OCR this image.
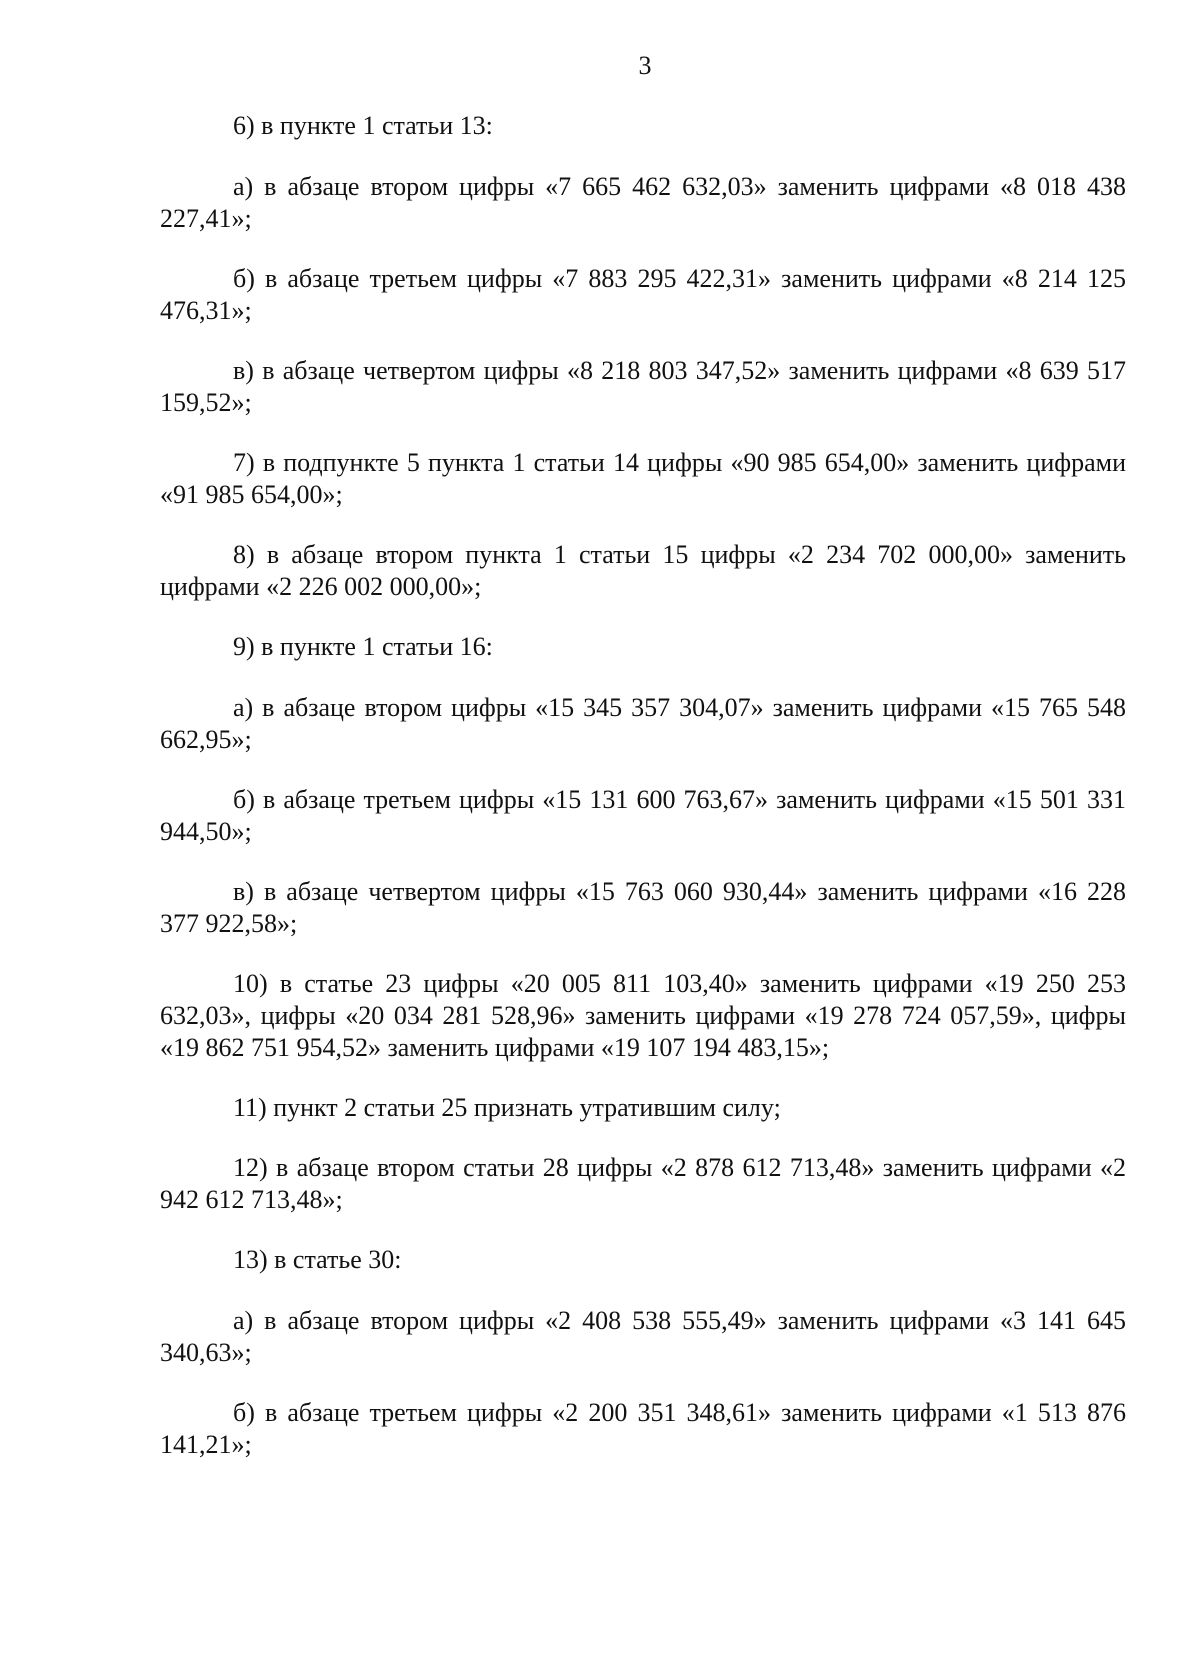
3

6) в пункте 1 статьи 13:

а) в абзаце втором цифры «7 665 462 632,03» заменить цифрами «8 018 438 227,41»;

б) в абзаце третьем цифры «7 883 295 422,31» заменить цифрами «8 214 125 476,31»;

в) в абзаце четвертом цифры «8 218 803 347,52» заменить цифрами «8 639 517 159,52»;

7) в подпункте 5 пункта 1 статьи 14 цифры «90 985 654,00» заменить цифрами «91 985 654,00»;

8) в абзаце втором пункта 1 статьи 15 цифры «2 234 702 000,00» заменить цифрами «2 226 002 000,00»;

9) в пункте 1 статьи 16:

а) в абзаце втором цифры «15 345 357 304,07» заменить цифрами «15 765 548 662,95»;

б) в абзаце третьем цифры «15 131 600 763,67» заменить цифрами «15 501 331 944,50»;

в) в абзаце четвертом цифры «15 763 060 930,44» заменить цифрами «16 228 377 922,58»;

10) в статье 23 цифры «20 005 811 103,40» заменить цифрами «19 250 253 632,03», цифры «20 034 281 528,96» заменить цифрами «19 278 724 057,59», цифры «19 862 751 954,52» заменить цифрами «19 107 194 483,15»;

11) пункт 2 статьи 25 признать утратившим силу;

12) в абзаце втором статьи 28 цифры «2 878 612 713,48» заменить цифрами «2 942 612 713,48»;

13) в статье 30:

а) в абзаце втором цифры «2 408 538 555,49» заменить цифрами «3 141 645 340,63»;

б) в абзаце третьем цифры «2 200 351 348,61» заменить цифрами «1 513 876 141,21»;
